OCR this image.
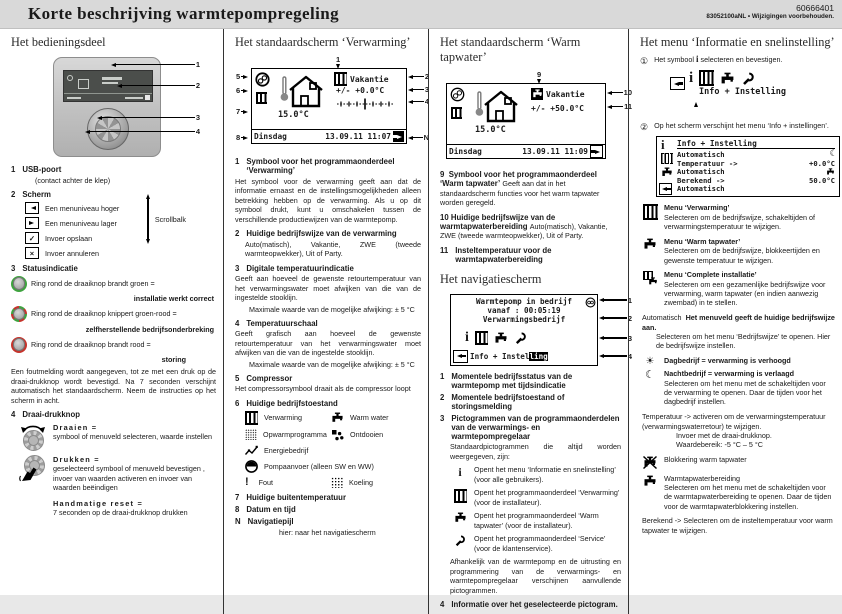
Korte beschrijving warmtepompregeling	60666401
83052100aNL • Wijzigingen voorbehouden.
Het bedieningsdeel
1
2
3
4
1 USB-poort
(contact achter de klep)
2 Scherm
Een menuniveau hoger
Een menuniveau lager
✓	Invoer opslaan
×	Invoer annuleren
Scrollbalk
3 Statusindicatie
Ring rond de draaiknop brandt groen =
installatie werkt correct
Ring rond de draaiknop knippert groen-rood =
zelfherstellende bedrijfsonderbreking
Ring rond de draaiknop brandt rood =
storing
Een foutmelding wordt aangegeven, tot ze met een druk op de draai-drukknop wordt bevestigd. Na 7 seconden verschijnt automatisch het standaardscherm. Neem de instructies op het scherm in acht.
4 Draai-drukknop
Draaien =
symbool of menuveld selecteren, waarde instellen
Drukken =
geselecteerd symbool of menuveld bevestigen , invoer van waarden activeren en invoer van waarden beëindigen
Handmatige reset =
7 seconden op de draai-drukknop drukken
Het standaardscherm ‘Verwarming’
15.0°C
Vakantie
+/- +0.0°C
Dinsdag	13.09.11 11:07
1
2
3
4
N
5
6
7
8
1 Symbool voor het programmaonderdeel ‘Verwarming’
Het symbool voor de verwarming geeft aan dat de informatie ernaast en de instellingsmogelijkheden alleen betrekking hebben op de verwarming. Als u op dit symbool drukt, kunt u omschakelen tussen de verschillende productiewijzen van de warmtepomp.
2 Huidige bedrijfswijze van de verwarming
Auto(matisch), Vakantie, ZWE (tweede warmteopwekker), Uit of Party.
3 Digitale temperatuurindicatie
Geeft aan hoeveel de gewenste retourtemperatuur van het verwarmingswater moet afwijken van die van de ingestelde stooklijn.
Maximale waarde van de mogelijke afwijking: ± 5 °C
4 Temperatuurschaal
Geeft grafisch aan hoeveel de gewenste retourtemperatuur van het verwarmingswater moet afwijken van die van de ingestelde stooklijn.
Maximale waarde van de mogelijke afwijking: ± 5 °C
5 Compressor
Het compressorsymbool draait als de compressor loopt
6 Huidige bedrijfstoestand
Verwarming	Warm water
Opwarmprogramma	Ontdooien
Energiebedrijf
Pompaanvoer (alleen SW en WW)
! Fout	Koeling
7 Huidige buitentemperatuur
8 Datum en tijd
N Navigatiepijl
hier: naar het navigatiescherm
Het standaardscherm ‘Warm tapwater’
15.0°C
Vakantie
+/- +50.0°C
Dinsdag	13.09.11 11:09
9
10
11
9 Symbool voor het programmaonderdeel ‘Warm tapwater’ Geeft aan dat in het standaardscherm functies voor het warm tapwater worden geregeld.
10 Huidige bedrijfswijze van de warmtapwaterbereiding Auto(matisch), Vakantie, ZWE (tweede warmteopwekker), Uit of Party.
11 Insteltemperatuur voor de warmtapwaterbereiding
Het navigatiescherm
Warmtepomp in bedrijf
vanaf : 00:05:19
Verwarmingsbedrijf
i
Info + Instelling
1
2
3
4
1 Momentele bedrijfsstatus van de warmtepomp met tijdsindicatie
2 Momentele bedrijfstoestand of storingsmelding
3 Pictogrammen van de programmaonderdelen van de verwarmings- en warmtepompregelaar
Standaardpictogrammen die altijd worden weergegeven, zijn:
i Opent het menu ‘Informatie en snelinstelling’ (voor alle gebruikers).
Opent het programmaonderdeel ‘Verwarming’ (voor de installateur).
Opent het programmaonderdeel ‘Warm tapwater’ (voor de installateur).
Opent het programmaonderdeel ‘Service’ (voor de klantenservice).
Afhankelijk van de warmtepomp en de uitrusting en programmering van de verwarmings- en warmtepompregelaar verschijnen aanvullende pictogrammen.
4 Informatie over het geselecteerde pictogram.
Het menu ‘Informatie en snelinstelling’
① Het symbool i selecteren en bevestigen.
i
Info + Instelling
② Op het scherm verschijnt het menu ‘Info + instellingen’.
i Info + Instelling
Automatisch	☾
Temperatuur ->	+0.0°C
Automatisch
Berekend ->	50.0°C
Automatisch
Menu ‘Verwarming’
Selecteren om de bedrijfswijze, schakeltijden of verwarmingstemperatuur te wijzigen.
Menu ‘Warm tapwater’
Selecteren om de bedrijfswijze, blokkeertijden en gewenste temperatuur te wijzigen.
Menu ‘Complete installatie’
Selecteren om een gezamenlijke bedrijfswijze voor verwarming, warm tapwater (en indien aanwezig zwembad) in te stellen.
Automatisch Het menuveld geeft de huidige bedrijfswijze aan.
Selecteren om het menu ‘Bedrijfswijze’ te openen. Hier de bedrijfswijze instellen.
☀ Dagbedrijf = verwarming is verhoogd
☾ Nachtbedrijf = verwarming is verlaagd
Selecteren om het menu met de schakeltijden voor de verwarming te openen. Daar de tijden voor het dagbedrijf instellen.
Temperatuur -> activeren om de verwarmingstemperatuur (verwarmingswaterretour) te wijzigen.
Invoer met de draai-drukknop.
Waardebereik: -5 °C – 5 °C
Blokkering warm tapwater
Warmtapwaterbereiding
Selecteren om het menu met de schakeltijden voor de warmtapwaterbereiding te openen. Daar de tijden voor de warmtapwaterblokkering instellen.
Berekend -> Selecteren om de insteltemperatuur voor warm tapwater te wijzigen.
